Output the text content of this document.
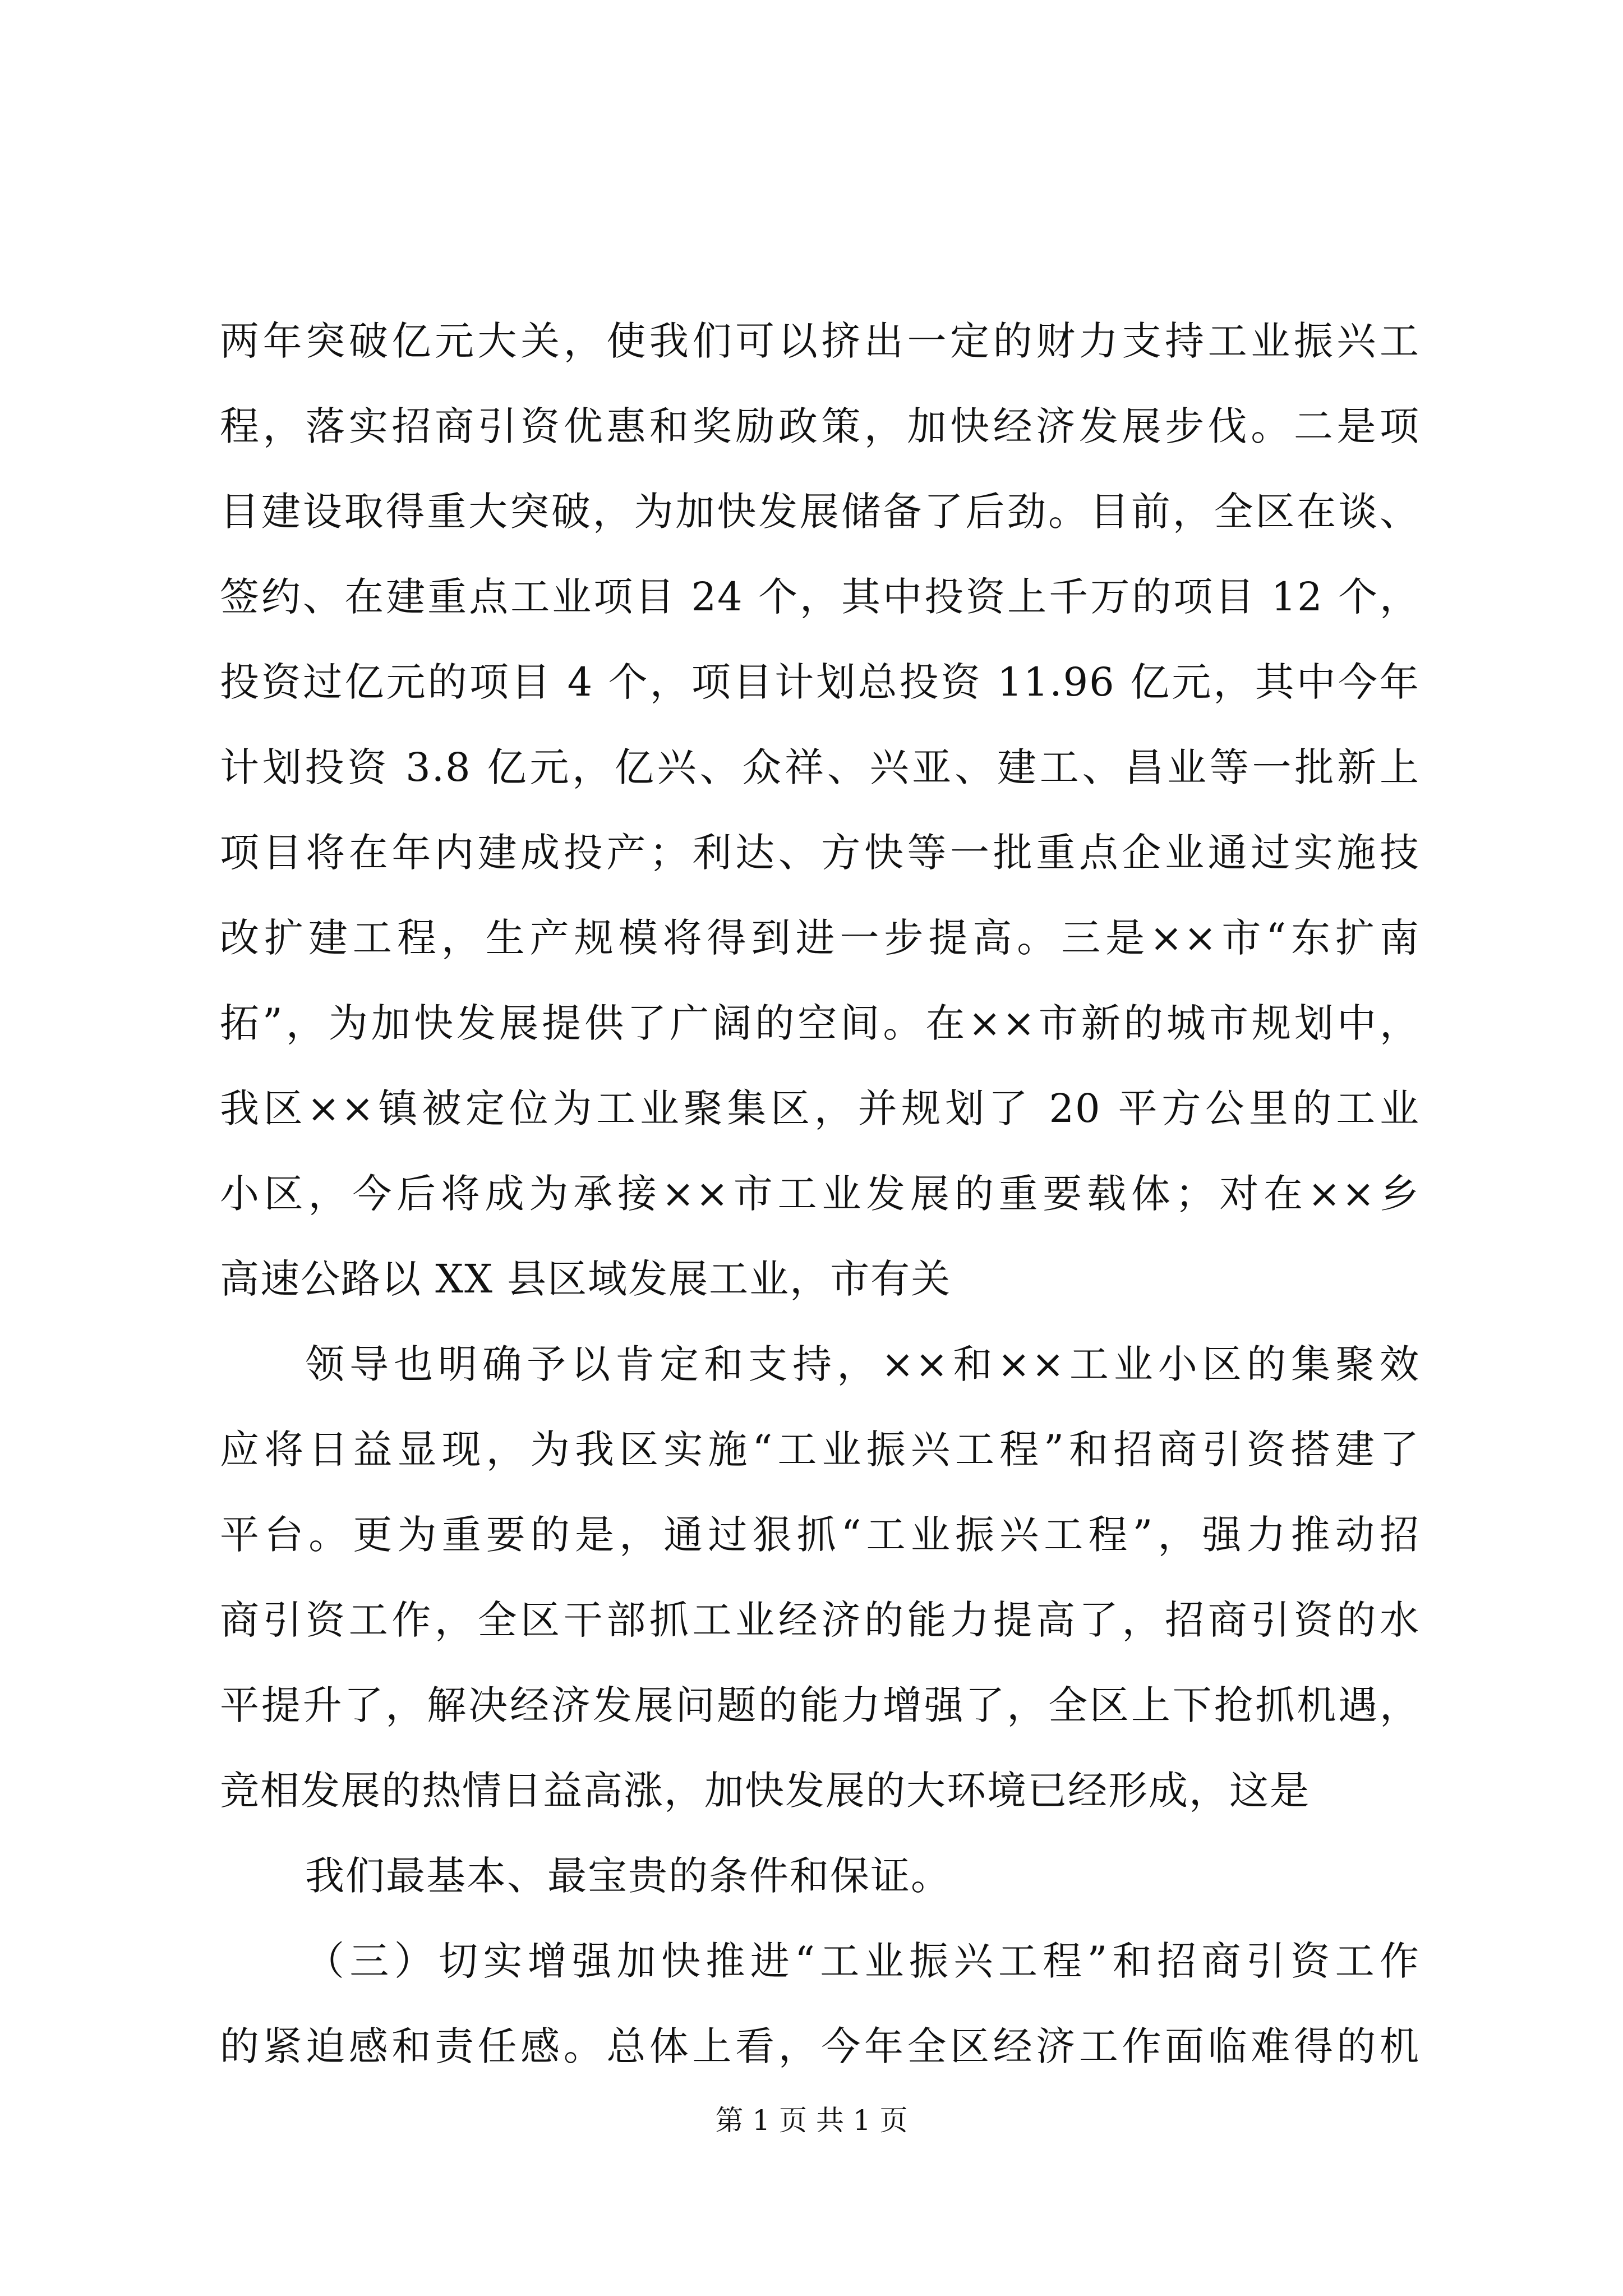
两年突破亿元大关，使我们可以挤出一定的财力支持工业振兴工
程，落实招商引资优惠和奖励政策，加快经济发展步伐。二是项
目建设取得重大突破，为加快发展储备了后劲。目前，全区在谈、
签约、在建重点工业项目 24 个，其中投资上千万的项目 12 个，
投资过亿元的项目 4 个，项目计划总投资 11.96 亿元，其中今年
计划投资 3.8 亿元，亿兴、众祥、兴亚、建工、昌业等一批新上
项目将在年内建成投产；利达、方快等一批重点企业通过实施技
改扩建工程，生产规模将得到进一步提高。三是××市“东扩南
拓”，为加快发展提供了广阔的空间。在××市新的城市规划中，
我区××镇被定位为工业聚集区，并规划了 20 平方公里的工业
小区，今后将成为承接××市工业发展的重要载体；对在××乡
高速公路以 XX 县区域发展工业，市有关
领导也明确予以肯定和支持，××和××工业小区的集聚效
应将日益显现，为我区实施“工业振兴工程”和招商引资搭建了
平台。更为重要的是，通过狠抓“工业振兴工程”，强力推动招
商引资工作，全区干部抓工业经济的能力提高了，招商引资的水
平提升了，解决经济发展问题的能力增强了，全区上下抢抓机遇，
竞相发展的热情日益高涨，加快发展的大环境已经形成，这是
我们最基本、最宝贵的条件和保证。
（三）切实增强加快推进“工业振兴工程”和招商引资工作
的紧迫感和责任感。总体上看，今年全区经济工作面临难得的机
第 1 页 共 1 页
